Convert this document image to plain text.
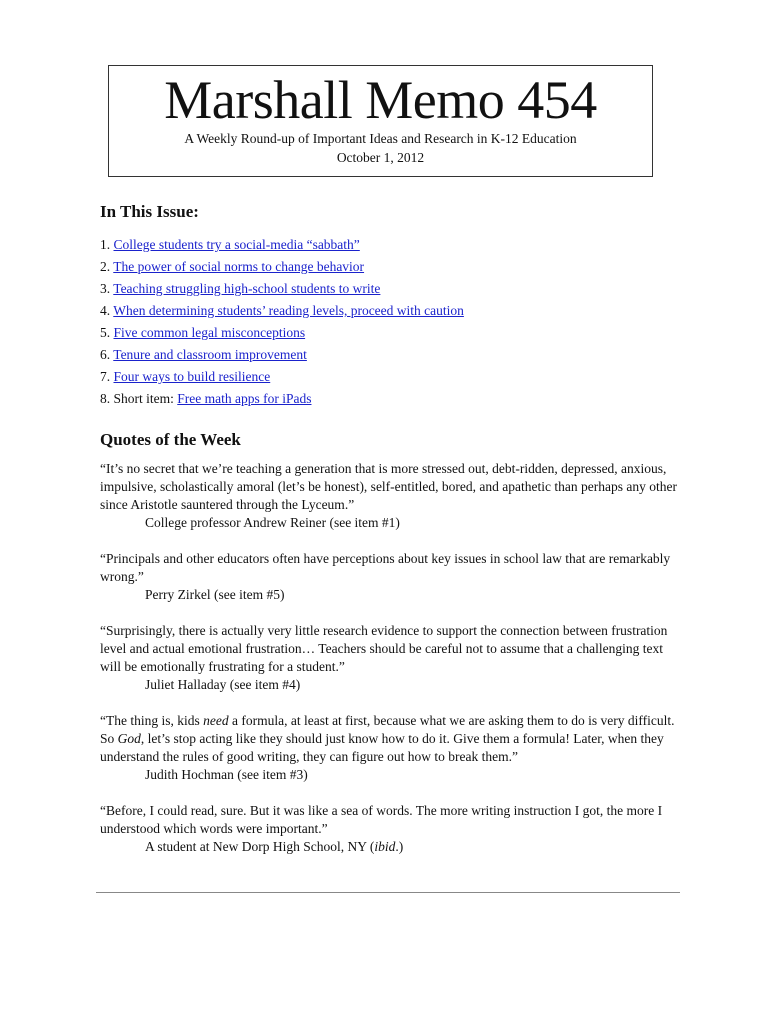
Marshall Memo 454
A Weekly Round-up of Important Ideas and Research in K-12 Education
October 1, 2012
In This Issue:
1. College students try a social-media “sabbath”
2. The power of social norms to change behavior
3. Teaching struggling high-school students to write
4. When determining students’ reading levels, proceed with caution
5. Five common legal misconceptions
6. Tenure and classroom improvement
7. Four ways to build resilience
8. Short item: Free math apps for iPads
Quotes of the Week

“It’s no secret that we’re teaching a generation that is more stressed out, debt-ridden, depressed, anxious, impulsive, scholastically amoral (let’s be honest), self-entitled, bored, and apathetic than perhaps any other since Aristotle sauntered through the Lyceum.”

College professor Andrew Reiner (see item #1)

“Principals and other educators often have perceptions about key issues in school law that are remarkably wrong.”

Perry Zirkel (see item #5)

“Surprisingly, there is actually very little research evidence to support the connection between frustration level and actual emotional frustration… Teachers should be careful not to assume that a challenging text will be emotionally frustrating for a student.”

Juliet Halladay (see item #4)

“The thing is, kids need a formula, at least at first, because what we are asking them to do is very difficult. So God, let’s stop acting like they should just know how to do it. Give them a formula! Later, when they understand the rules of good writing, they can figure out how to break them.”

Judith Hochman (see item #3)

“Before, I could read, sure. But it was like a sea of words. The more writing instruction I got, the more I understood which words were important.”

A student at New Dorp High School, NY (ibid.)
